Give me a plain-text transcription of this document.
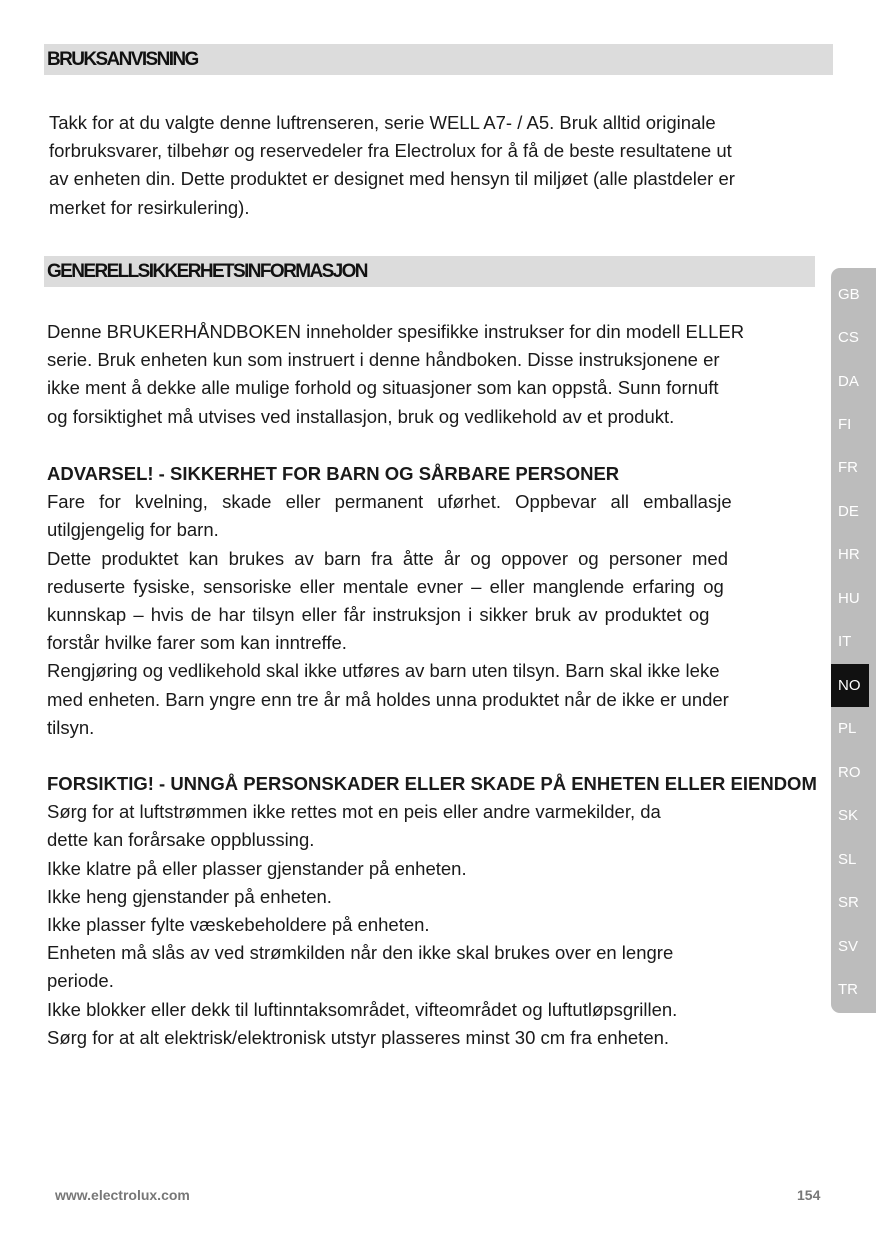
BRUKSANVISNING
Takk for at du valgte denne luftrenseren, serie WELL A7- / A5. Bruk alltid originale
forbruksvarer, tilbehør og reservedeler fra Electrolux for å få de beste resultatene ut
av enheten din. Dette produktet er designet med hensyn til miljøet (alle plastdeler er
merket for resirkulering).
GENERELLSIKKERHETSINFORMASJON
Denne BRUKERHÅNDBOKEN inneholder spesifikke instrukser for din modell ELLER
serie. Bruk enheten kun som instruert i denne håndboken. Disse instruksjonene er
ikke ment å dekke alle mulige forhold og situasjoner som kan oppstå. Sunn fornuft
og forsiktighet må utvises ved installasjon, bruk og vedlikehold av et produkt.
ADVARSEL! - SIKKERHET FOR BARN OG SÅRBARE PERSONER
Fare for kvelning, skade eller permanent uførhet. Oppbevar all emballasje
utilgjengelig for barn.
Dette produktet kan brukes av barn fra åtte år og oppover og personer med
reduserte fysiske, sensoriske eller mentale evner – eller manglende erfaring og
kunnskap – hvis de har tilsyn eller får instruksjon i sikker bruk av produktet og
forstår hvilke farer som kan inntreffe.
Rengjøring og vedlikehold skal ikke utføres av barn uten tilsyn. Barn skal ikke leke
med enheten. Barn yngre enn tre år må holdes unna produktet når de ikke er under
tilsyn.
FORSIKTIG! - UNNGÅ PERSONSKADER ELLER SKADE PÅ ENHETEN ELLER EIENDOM
Sørg for at luftstrømmen ikke rettes mot en peis eller andre varmekilder, da
dette kan forårsake oppblussing.
Ikke klatre på eller plasser gjenstander på enheten.
Ikke heng gjenstander på enheten.
Ikke plasser fylte væskebeholdere på enheten.
Enheten må slås av ved strømkilden når den ikke skal brukes over en lengre
periode.
Ikke blokker eller dekk til luftinntaksområdet, vifteområdet og luftutløpsgrillen.
Sørg for at alt elektrisk/elektronisk utstyr plasseres minst 30 cm fra enheten.
GB
CS
DA
FI
FR
DE
HR
HU
IT
NO
PL
RO
SK
SL
SR
SV
TR
www.electrolux.com	154
